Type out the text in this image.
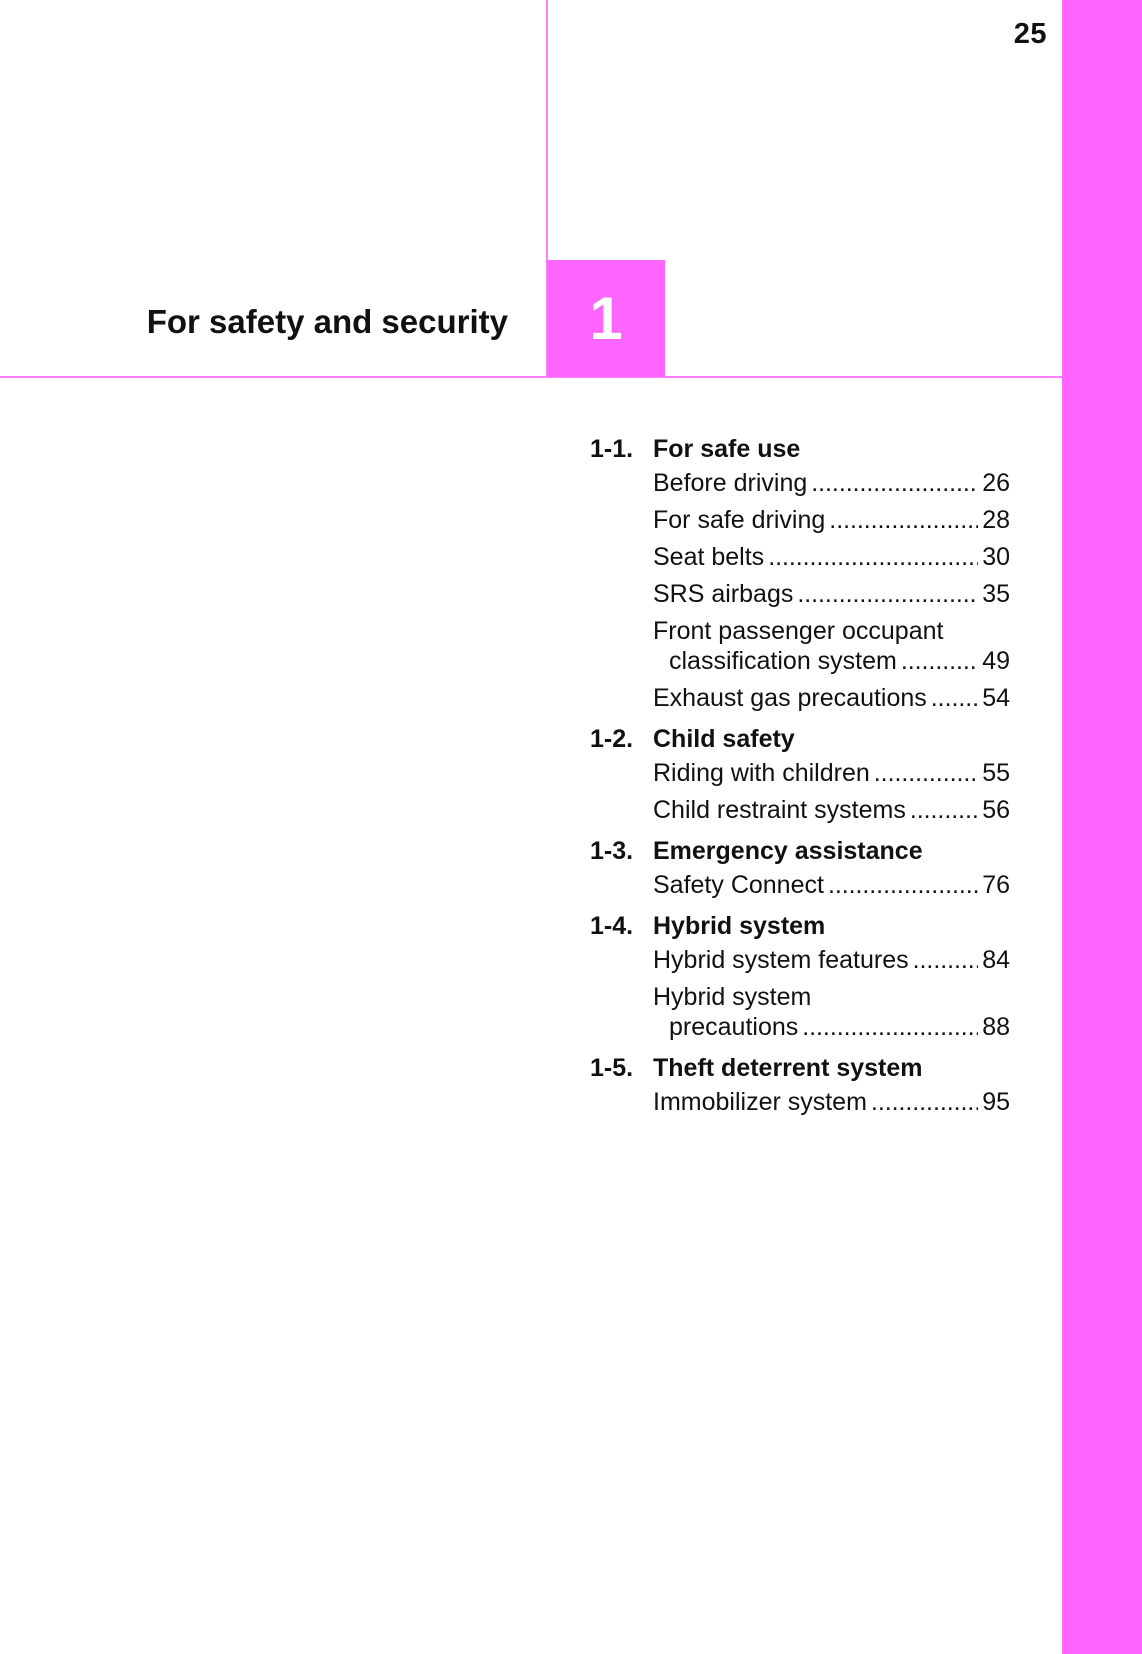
25
For safety and security	1
1-1. For safe use
Before driving . . .	26
For safe driving . . .	28
Seat belts . . .	30
SRS airbags . . .	35
Front passenger occupant
classification system . . .	49
Exhaust gas precautions . . . 54
1-2. Child safety
Riding with children . . .	55
Child restraint systems . . .	56
1-3. Emergency assistance
Safety Connect . . .	76
1-4. Hybrid system
Hybrid system features . . .	84
Hybrid system
precautions . . .	88
1-5. Theft deterrent system
Immobilizer system . . .	95
